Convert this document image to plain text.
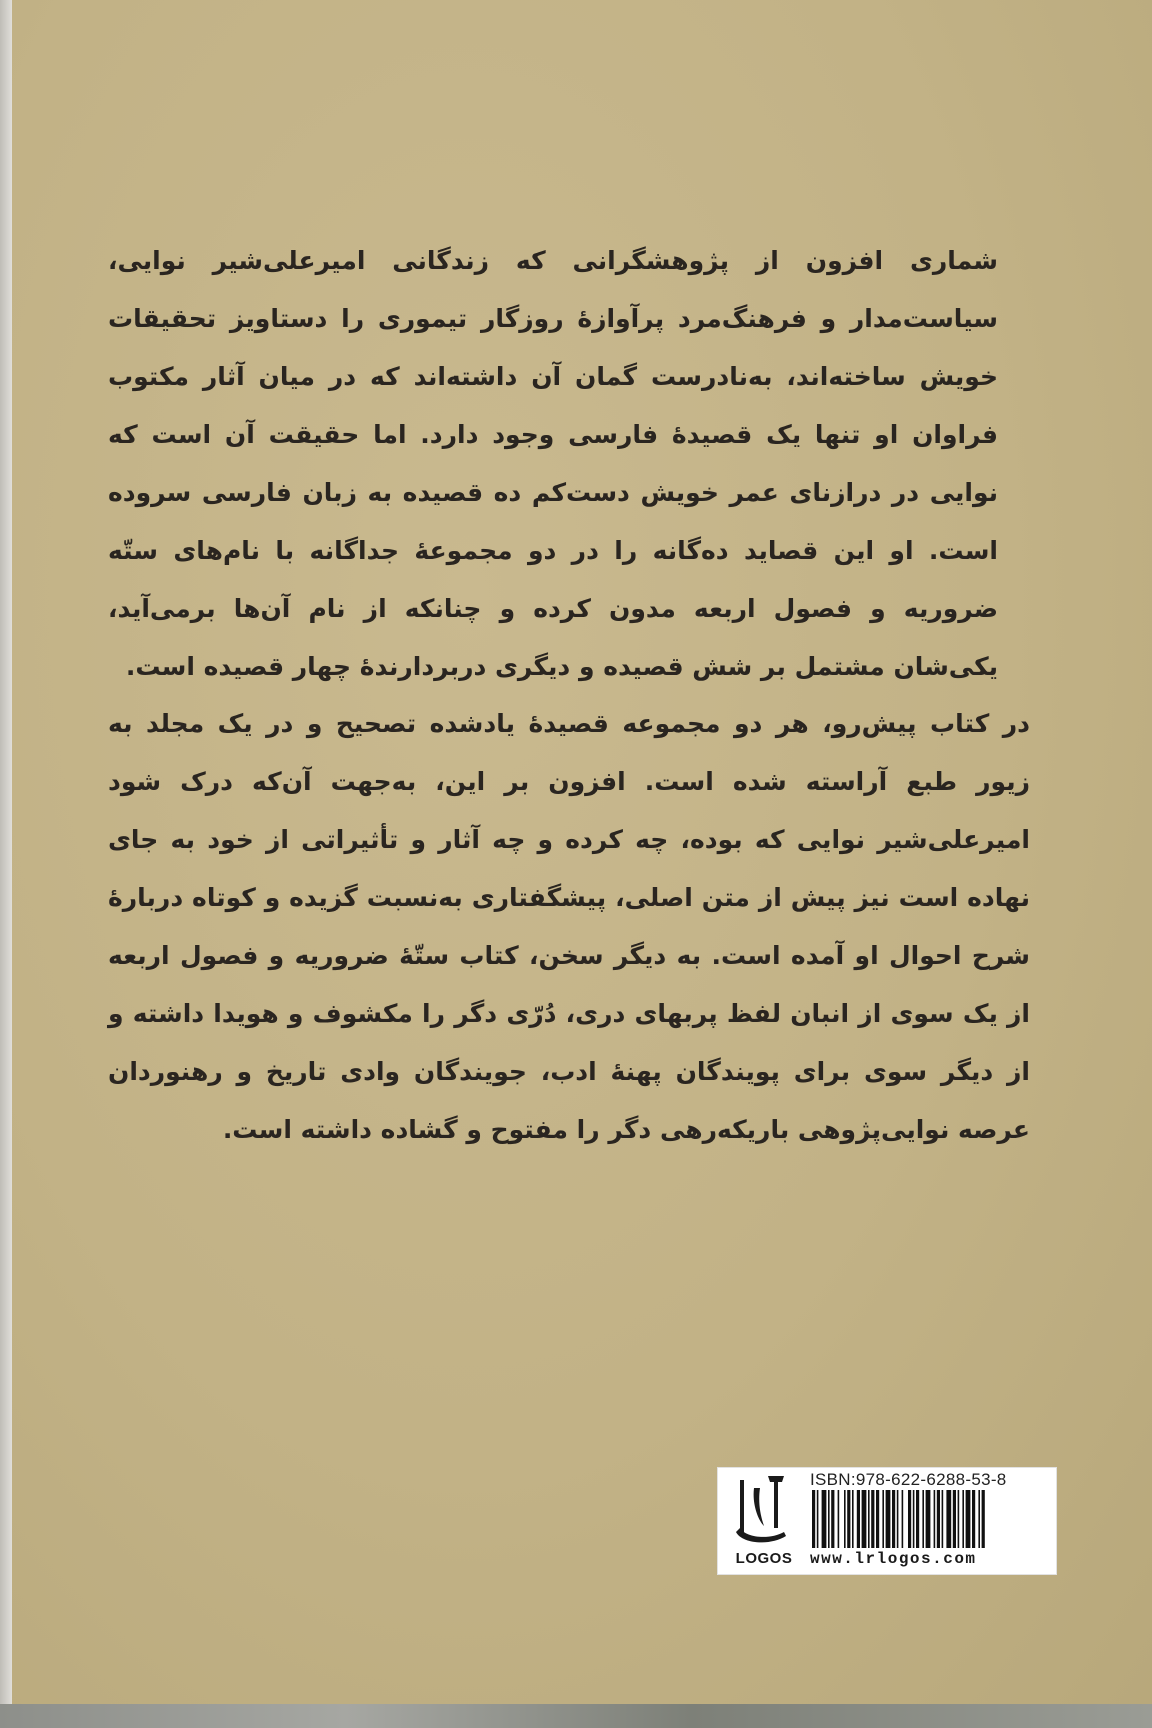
شماری افزون از پژوهشگرانی که زندگانی امیرعلی‌شیر نوایی، سیاست‌مدار و فرهنگ‌مرد پرآوازهٔ روزگار تیموری را دستاویز تحقیقات خویش ساخته‌اند، به‌نادرست گمان آن داشته‌اند که در میان آثار مکتوب فراوان او تنها یک قصیدهٔ فارسی وجود دارد. اما حقیقت آن است که نوایی در درازنای عمر خویش دست‌کم ده قصیده به زبان فارسی سروده است. او این قصاید ده‌گانه را در دو مجموعهٔ جداگانه با نام‌های ستّه ضروریه و فصول اربعه مدون کرده و چنانکه از نام آن‌ها برمی‌آید، یکی‌شان مشتمل بر شش قصیده و دیگری دربردارندهٔ چهار قصیده است.

در کتاب پیش‌رو، هر دو مجموعه قصیدهٔ یادشده تصحیح و در یک مجلد به زیور طبع آراسته شده است. افزون بر این، به‌جهت آن‌که درک شود امیرعلی‌شیر نوایی که بوده، چه کرده و چه آثار و تأثیراتی از خود به جای نهاده است نیز پیش از متن اصلی، پیشگفتاری به‌نسبت گزیده و کوتاه دربارهٔ شرح احوال او آمده است. به دیگر سخن، کتاب ستّهٔ ضروریه و فصول اربعه از یک سوی از انبان لفظ پربهای دری، دُرّی دگر را مکشوف و هویدا داشته و از دیگر سوی برای پویندگان پهنهٔ ادب، جویندگان وادی تاریخ و رهنوردان عرصه نوایی‌پژوهی باریکه‌رهی دگر را مفتوح و گشاده داشته است.

LOGOS
ISBN:978-622-6288-53-8
www.lrlogos.com
